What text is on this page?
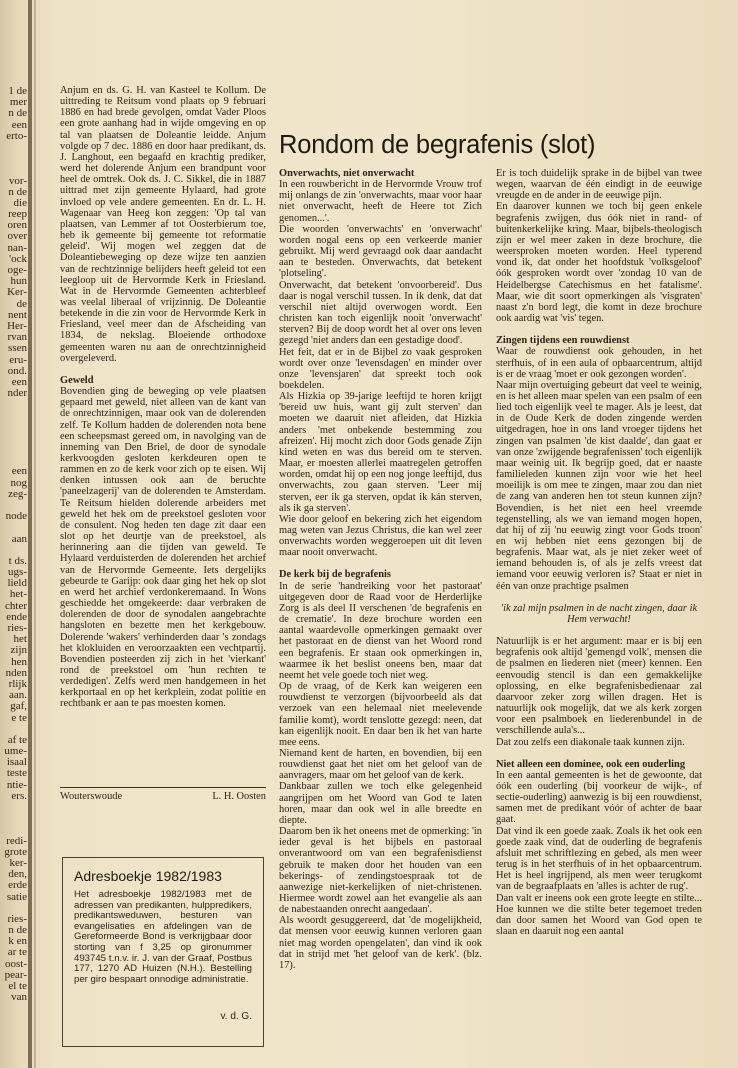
1 de
mer
n de
een
erto-
vor-
n de
die
reep
oren
over
nan-
'ock
oge-
hun
Ker-
de
nent
Her-
rvan
ssen
eru-
ond.
een
nder
een
nog
zeg-
node
aan
t ds.
ugs-
lield
het-
chter
ende
ries-
het
zijn
hen
nden
rlijk
aan.
gaf,
e te
af te
ume-
isaal
teste
ntie-
ers.
redi-
grote
ker-
den,
erde
satie
ries-
n de
k en
ar te
oost-
pear-
el te
van

Anjum en ds. G. H. van Kasteel te Kollum. De uittreding te Reitsum vond plaats op 9 februari 1886 en had brede gevolgen, omdat Vader Ploos een grote aanhang had in wijde omgeving en op tal van plaatsen de Doleantie leidde. Anjum volgde op 7 dec. 1886 en door haar predikant, ds. J. Langhout, een begaafd en krachtig prediker, werd het dolerende Anjum een brandpunt voor heel de omtrek. Ook ds. J. C. Sikkel, die in 1887 uittrad met zijn gemeente Hylaard, had grote invloed op vele andere gemeenten. En dr. L. H. Wagenaar van Heeg kon zeggen: 'Op tal van plaatsen, van Lemmer af tot Oosterbierum toe, heb ik gemeente bij gemeente tot reformatie geleid'. Wij mogen wel zeggen dat de Doleantiebeweging op deze wijze ten aanzien van de rechtzinnige belijders heeft geleid tot een leegloop uit de Hervormde Kerk in Friesland. Wat in de Hervormde Gemeenten achterbleef was veelal liberaal of vrijzinnig. De Doleantie betekende in die zin voor de Hervormde Kerk in Friesland, veel meer dan de Afscheiding van 1834, de nekslag. Bloeiende orthodoxe gemeenten waren nu aan de onrechtzinnigheid overgeleverd.

Geweld

Bovendien ging de beweging op vele plaatsen gepaard met geweld, niet alleen van de kant van de onrechtzinnigen, maar ook van de dolerenden zelf. Te Kollum hadden de dolerenden nota bene een scheepsmast gereed om, in navolging van de inneming van Den Briel, de door de synodale kerkvoogden gesloten kerkdeuren open te rammen en zo de kerk voor zich op te eisen. Wij denken intussen ook aan de beruchte 'paneelzagerij' van de dolerenden te Amsterdam. Te Reitsum hielden dolerende arbeiders met geweld het hek om de preekstoel gesloten voor de consulent. Nog heden ten dage zit daar een slot op het deurtje van de preekstoel, als herinnering aan die tijden van geweld. Te Hylaard verduisterden de dolerenden het archief van de Hervormde Gemeente. Iets dergelijks gebeurde te Garijp: ook daar ging het hek op slot en werd het archief verdonkeremaand. In Wons geschiedde het omgekeerde: daar verbraken de dolerenden de door de synodalen aangebrachte hangsloten en bezette men het kerkgebouw. Dolerende 'wakers' verhinderden daar 's zondags het klokluiden en veroorzaakten een vechtpartij. Bovendien posteerden zij zich in het 'vierkant' rond de preekstoel om 'hun rechten te verdedigen'. Zelfs werd men handgemeen in het kerkportaal en op het kerkplein, zodat politie en rechtbank er aan te pas moesten komen.

Wouterswoude	L. H. Oosten
Adresboekje 1982/1983
Het adresboekje 1982/1983 met de adressen van predikanten, hulppredikers, predikantsweduwen, besturen van evangelisaties en afdelingen van de Gereformeerde Bond is verkrijgbaar door storting van f 3,25 op gironummer 493745 t.n.v. ir. J. van der Graaf, Postbus 177, 1270 AD Huizen (N.H.). Bestelling per giro bespaart onnodige administratie.
v. d. G.
Rondom de begrafenis (slot)

Onverwachts, niet onverwacht

In een rouwbericht in de Hervormde Vrouw trof mij onlangs de zin 'onverwachts, maar voor haar niet onverwacht, heeft de Heere tot Zich genomen...'.

Die woorden 'onverwachts' en 'onverwacht' worden nogal eens op een verkeerde manier gebruikt. Mij werd gevraagd ook daar aandacht aan te besteden. Onverwachts, dat betekent 'plotseling'.

Onverwacht, dat betekent 'onvoorbereid'. Dus daar is nogal verschil tussen. In ik denk, dat dat verschil niet altijd overwogen wordt. Een christen kan toch eigenlijk nooit 'onverwacht' sterven? Bij de doop wordt het al over ons leven gezegd 'niet anders dan een gestadige dood'.

Het feit, dat er in de Bijbel zo vaak gesproken wordt over onze 'levensdagen' en minder over onze 'levensjaren' dat spreekt toch ook boekdelen.

Als Hizkia op 39-jarige leeftijd te horen krijgt 'bereid uw huis, want gij zult sterven' dan moeten we daaruit niet afleiden, dat Hizkia anders 'met onbekende bestemming zou afreizen'. Hij mocht zich door Gods genade Zijn kind weten en was dus bereid om te sterven. Maar, er moesten allerlei maatregelen getroffen worden, omdat hij op een nog jonge leeftijd, dus onverwachts, zou gaan sterven. 'Leer mij sterven, eer ik ga sterven, opdat ik kán sterven, als ik ga sterven'.

Wie door geloof en bekering zich het eigendom mag weten van Jezus Christus, die kan wel zeer onverwachts worden weggeroepen uit dit leven maar nooit onverwacht.

De kerk bij de begrafenis

In de serie 'handreiking voor het pastoraat' uitgegeven door de Raad voor de Herderlijke Zorg is als deel II verschenen 'de begrafenis en de crematie'. In deze brochure worden een aantal waardevolle opmerkingen gemaakt over het pastoraat en de dienst van het Woord rond een begrafenis. Er staan ook opmerkingen in, waarmee ik het beslist oneens ben, maar dat neemt het vele goede toch niet weg.

Op de vraag, of de Kerk kan weigeren een rouwdienst te verzorgen (bijvoorbeeld als dat verzoek van een helemaal niet meelevende familie komt), wordt tenslotte gezegd: neen, dat kan eigenlijk nooit. En daar ben ik het van harte mee eens.

Niemand kent de harten, en bovendien, bij een rouwdienst gaat het niet om het geloof van de aanvragers, maar om het geloof van de kerk.

Dankbaar zullen we toch elke gelegenheid aangrijpen om het Woord van God te laten horen, maar dan ook wel in alle breedte en diepte.

Daarom ben ik het oneens met de opmerking: 'in ieder geval is het bijbels en pastoraal onverantwoord om van een begrafenisdienst gebruik te maken door het houden van een bekerings- of zendingstoespraak tot de aanwezige niet-kerkelijken of niet-christenen. Hiermee wordt zowel aan het evangelie als aan de nabestaanden onrecht aangedaan'.

Als woordt gesuggereerd, dat 'de mogelijkheid, dat mensen voor eeuwig kunnen verloren gaan niet mag worden opengelaten', dan vind ik ook dat in strijd met 'het geloof van de kerk'. (blz. 17).

Er is toch duidelijk sprake in de bijbel van twee wegen, waarvan de één eindigt in de eeuwige vreugde en de ander in de eeuwige pijn.

En daarover kunnen we toch bij geen enkele begrafenis zwijgen, dus óók niet in rand- of buitenkerkelijke kring. Maar, bijbels-theologisch zijn er wel meer zaken in deze brochure, die weersproken moeten worden. Heel typerend vond ik, dat onder het hoofdstuk 'volksgeloof' óók gesproken wordt over 'zondag 10 van de Heidelbergse Catechismus en het fatalisme'. Maar, wie dit soort opmerkingen als 'visgraten' naast z'n bord legt, die komt in deze brochure ook aardig wat 'vis' tegen.

Zingen tijdens een rouwdienst

Waar de rouwdienst ook gehouden, in het sterfhuis, of in een aula of opbaarcentrum, altijd is er de vraag 'moet er ook gezongen worden'.

Naar mijn overtuiging gebeurt dat veel te weinig, en is het alleen maar spelen van een psalm of een lied toch eigenlijk veel te mager. Als je leest, dat in de Oude Kerk de doden zingende werden uitgedragen, hoe in ons land vroeger tijdens het zingen van psalmen 'de kist daalde', dan gaat er van onze 'zwijgende begrafenissen' toch eigenlijk maar weinig uit. Ik begrijp goed, dat er naaste familieleden kunnen zijn voor wie het heel moeilijk is om mee te zingen, maar zou dan niet de zang van anderen hen tot steun kunnen zijn? Bovendien, is het niet een heel vreemde tegenstelling, als we van iemand mogen hopen, dat hij of zij 'nu eeuwig zingt voor Gods troon' en wij hebben niet eens gezongen bij de begrafenis. Maar wat, als je niet zeker weet of iemand behouden is, of als je zelfs vreest dat iemand voor eeuwig verloren is? Staat er niet in één van onze prachtige psalmen

'ik zal mijn psalmen in de nacht zingen, daar ik Hem verwacht!

Natuurlijk is er het argument: maar er is bij een begrafenis ook altijd 'gemengd volk', mensen die de psalmen en liederen niet (meer) kennen. Een eenvoudig stencil is dan een gemakkelijke oplossing, en elke begrafenisbedienaar zal daarvoor zeker zorg willen dragen. Het is natuurlijk ook mogelijk, dat we als kerk zorgen voor een psalmboek en liederenbundel in de verschillende aula's...

Dat zou zelfs een diakonale taak kunnen zijn.

Niet alleen een dominee, ook een ouderling

In een aantal gemeenten is het de gewoonte, dat óók een ouderling (bij voorkeur de wijk-, of sectie-ouderling) aanwezig is bij een rouwdienst, samen met de predikant vóór of achter de baar gaat.

Dat vind ik een goede zaak. Zoals ik het ook een goede zaak vind, dat de ouderling de begrafenis afsluit met schriftlezing en gebed, als men weer terug is in het sterfhuis of in het opbaarcentrum. Het is heel ingrijpend, als men weer terugkomt van de begraafplaats en 'alles is achter de rug'.

Dan valt er ineens ook een grote leegte en stilte... Hoe kunnen we die stilte beter tegemoet treden dan door samen het Woord van God open te slaan en daaruit nog een aantal
